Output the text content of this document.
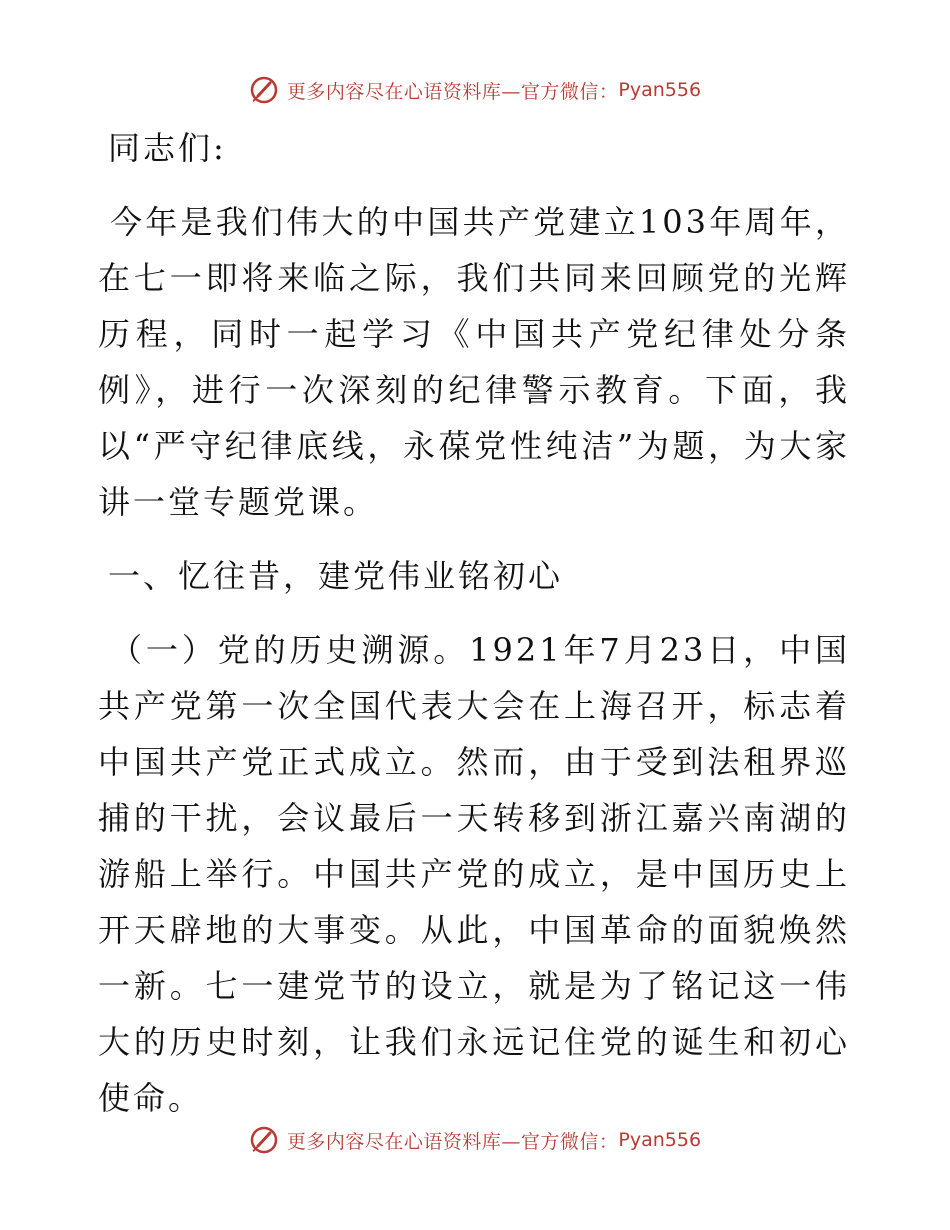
更多内容尽在心语资料库—官方微信： Pyan556

同志们:

今年是我们伟大的中国共产党建立103年周年，在七一即将来临之际，我们共同来回顾党的光辉历程，同时一起学习《中国共产党纪律处分条例》，进行一次深刻的纪律警示教育。下面，我以“严守纪律底线，永葆党性纯洁”为题，为大家讲一堂专题党课。

一、忆往昔，建党伟业铭初心

（一）党的历史溯源。1921年7月23日，中国共产党第一次全国代表大会在上海召开，标志着中国共产党正式成立。然而，由于受到法租界巡捕的干扰，会议最后一天转移到浙江嘉兴南湖的游船上举行。中国共产党的成立，是中国历史上开天辟地的大事变。从此，中国革命的面貌焕然一新。七一建党节的设立，就是为了铭记这一伟大的历史时刻，让我们永远记住党的诞生和初心使命。

更多内容尽在心语资料库—官方微信： Pyan556
